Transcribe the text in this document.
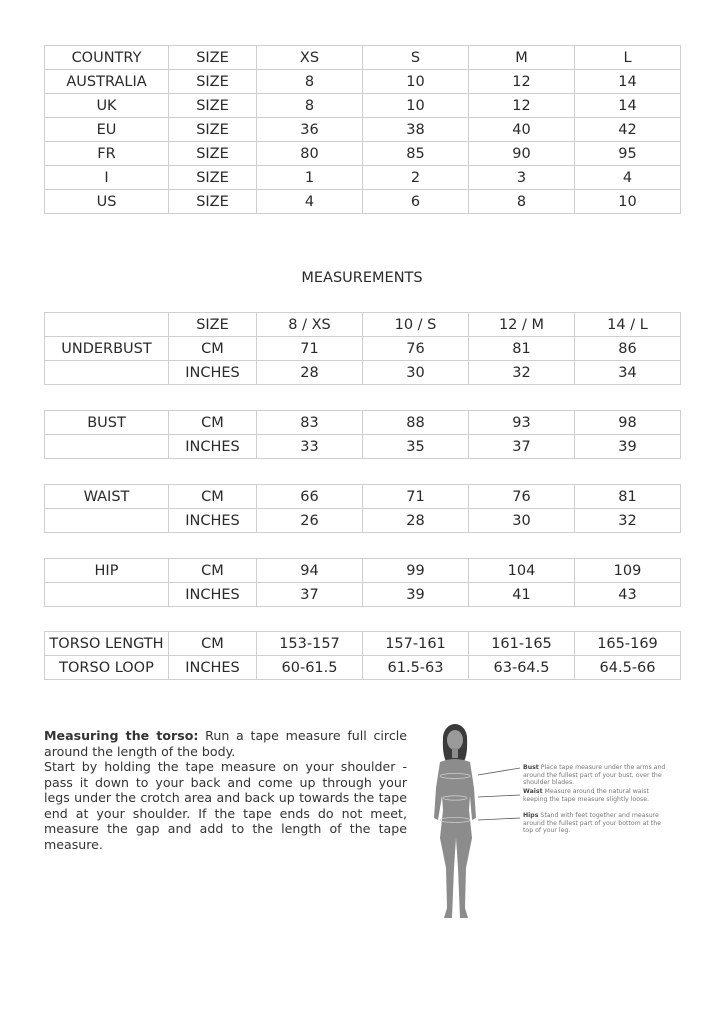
COUNTRY	SIZE	XS	S	M	L
AUSTRALIA	SIZE	8	10	12	14
UK	SIZE	8	10	12	14
EU	SIZE	36	38	40	42
FR	SIZE	80	85	90	95
I	SIZE	1	2	3	4
US	SIZE	4	6	8	10
MEASUREMENTS
	SIZE	8 / XS	10 / S	12 / M	14 / L
UNDERBUST	CM	71	76	81	86
	INCHES	28	30	32	34
BUST	CM	83	88	93	98
	INCHES	33	35	37	39
WAIST	CM	66	71	76	81
	INCHES	26	28	30	32
HIP	CM	94	99	104	109
	INCHES	37	39	41	43
TORSO LENGTH	CM	153-157	157-161	161-165	165-169
TORSO LOOP	INCHES	60-61.5	61.5-63	63-64.5	64.5-66

Measuring the torso: Run a tape measure full circle around the length of the body.

Start by holding the tape measure on your shoulder - pass it down to your back and come up through your legs under the crotch area and back up towards the tape end at your shoulder. If the tape ends do not meet, measure the gap and add to the length of the tape measure.

Bust Place tape measure under the arms and around the fullest part of your bust, over the shoulder blades.
Waist Measure around the natural waist keeping the tape measure slightly loose.
Hips Stand with feet together and measure around the fullest part of your bottom at the top of your leg.
